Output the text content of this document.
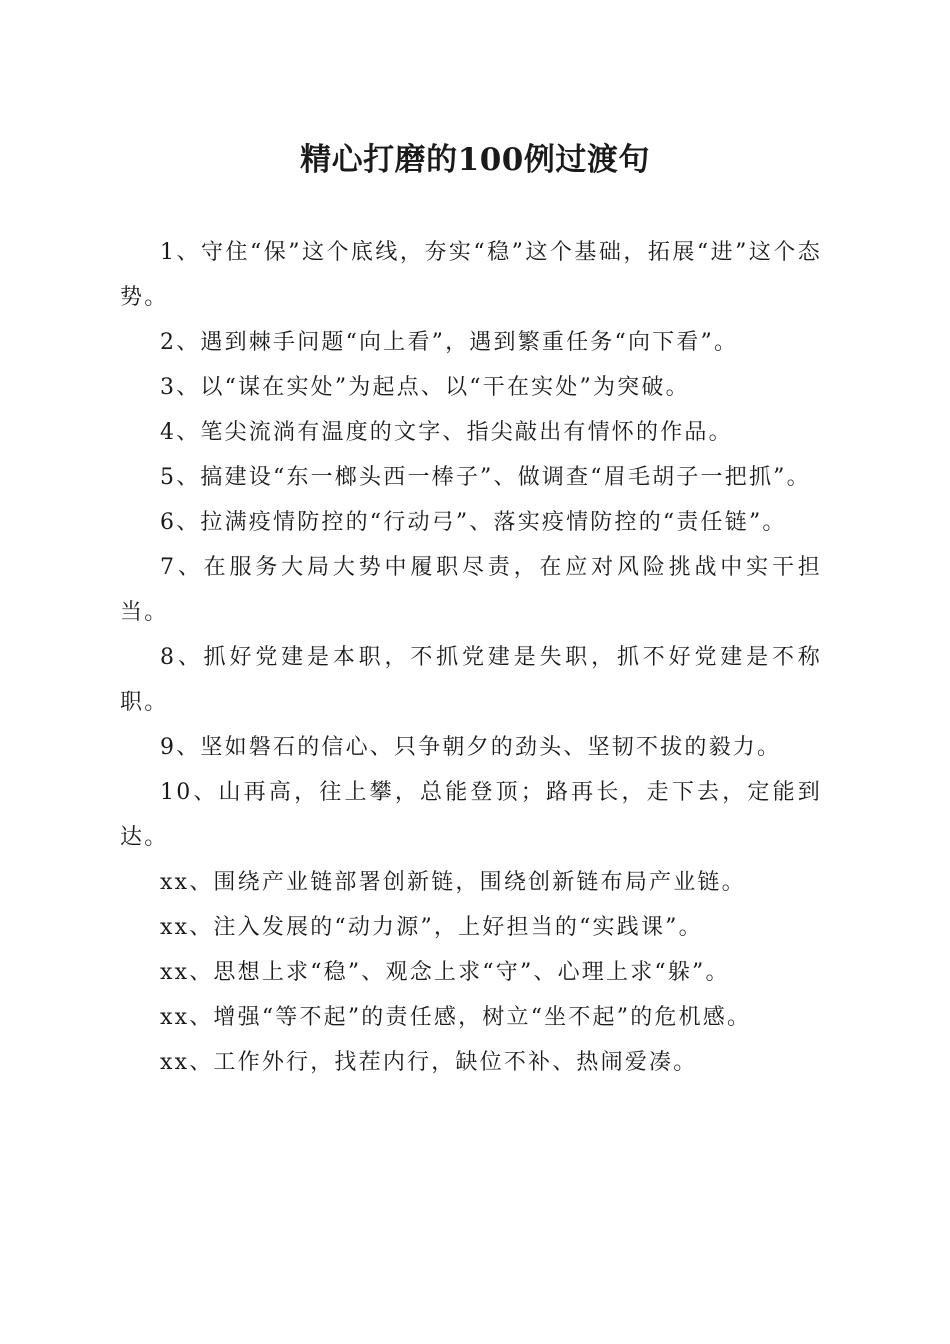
精心打磨的100例过渡句

1、守住“保”这个底线，夯实“稳”这个基础，拓展“进”这个态势。

2、遇到棘手问题“向上看”，遇到繁重任务“向下看”。

3、以“谋在实处”为起点、以“干在实处”为突破。

4、笔尖流淌有温度的文字、指尖敲出有情怀的作品。

5、搞建设“东一榔头西一棒子”、做调查“眉毛胡子一把抓”。

6、拉满疫情防控的“行动弓”、落实疫情防控的“责任链”。

7、在服务大局大势中履职尽责，在应对风险挑战中实干担当。

8、抓好党建是本职，不抓党建是失职，抓不好党建是不称职。

9、坚如磐石的信心、只争朝夕的劲头、坚韧不拔的毅力。

10、山再高，往上攀，总能登顶；路再长，走下去，定能到达。

xx、围绕产业链部署创新链，围绕创新链布局产业链。

xx、注入发展的“动力源”，上好担当的“实践课”。

xx、思想上求“稳”、观念上求“守”、心理上求“躲”。

xx、增强“等不起”的责任感，树立“坐不起”的危机感。

xx、工作外行，找茬内行，缺位不补、热闹爱凑。
